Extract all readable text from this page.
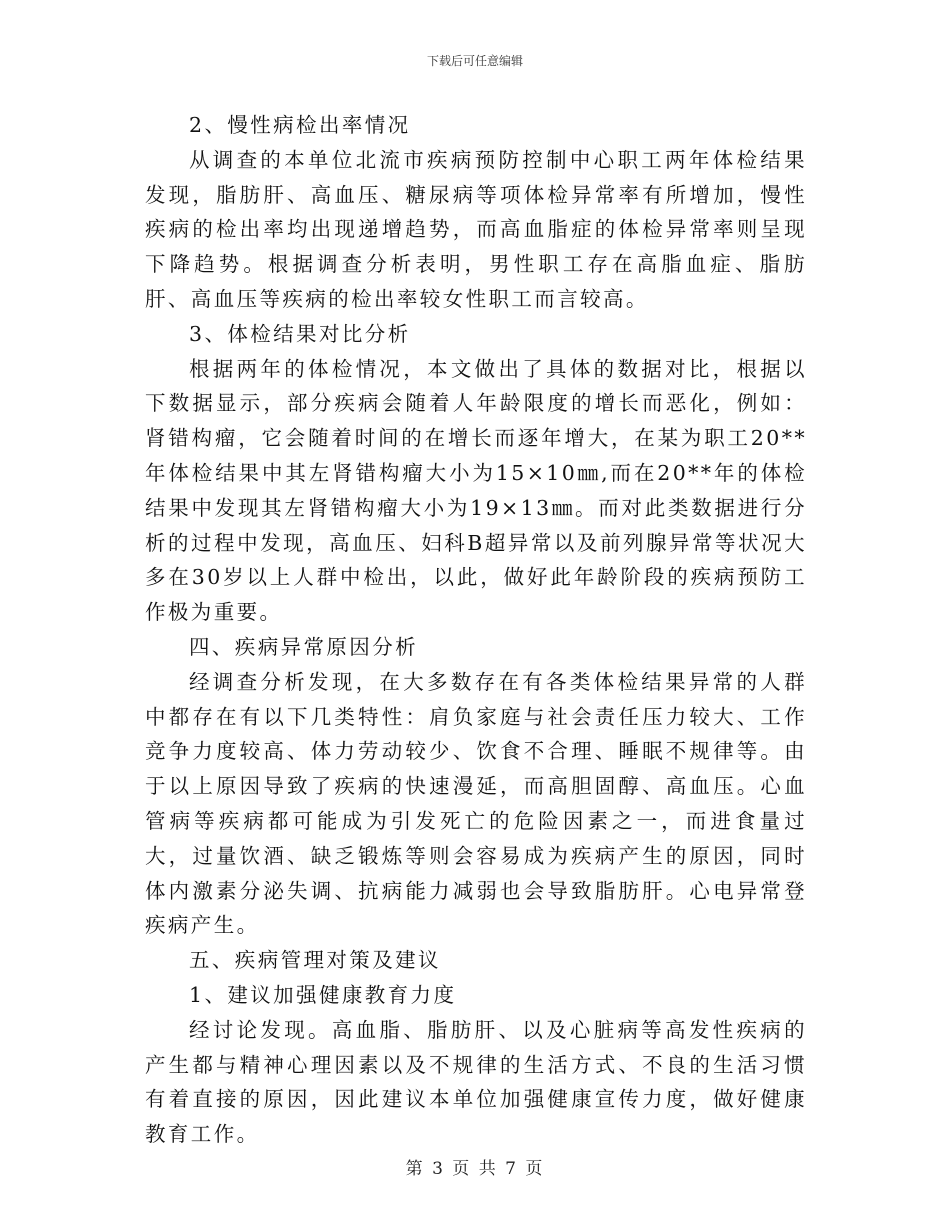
下载后可任意编辑

2、慢性病检出率情况

从调查的本单位北流市疾病预防控制中心职工两年体检结果发现，脂肪肝、高血压、糖尿病等项体检异常率有所增加，慢性疾病的检出率均出现递增趋势，而高血脂症的体检异常率则呈现下降趋势。根据调查分析表明，男性职工存在高脂血症、脂肪肝、高血压等疾病的检出率较女性职工而言较高。

3、体检结果对比分析

根据两年的体检情况，本文做出了具体的数据对比，根据以下数据显示，部分疾病会随着人年龄限度的增长而恶化，例如：肾错构瘤，它会随着时间的在增长而逐年增大，在某为职工20**年体检结果中其左肾错构瘤大小为15×10㎜,而在20**年的体检结果中发现其左肾错构瘤大小为19×13㎜。而对此类数据进行分析的过程中发现，高血压、妇科B超异常以及前列腺异常等状况大多在30岁以上人群中检出，以此，做好此年龄阶段的疾病预防工作极为重要。

四、疾病异常原因分析

经调查分析发现，在大多数存在有各类体检结果异常的人群中都存在有以下几类特性：肩负家庭与社会责任压力较大、工作竞争力度较高、体力劳动较少、饮食不合理、睡眠不规律等。由于以上原因导致了疾病的快速漫延，而高胆固醇、高血压。心血管病等疾病都可能成为引发死亡的危险因素之一，而进食量过大，过量饮酒、缺乏锻炼等则会容易成为疾病产生的原因，同时体内激素分泌失调、抗病能力减弱也会导致脂肪肝。心电异常登疾病产生。

五、疾病管理对策及建议

1、建议加强健康教育力度

经讨论发现。高血脂、脂肪肝、以及心脏病等高发性疾病的产生都与精神心理因素以及不规律的生活方式、不良的生活习惯有着直接的原因，因此建议本单位加强健康宣传力度，做好健康教育工作。

第 3 页 共 7 页
